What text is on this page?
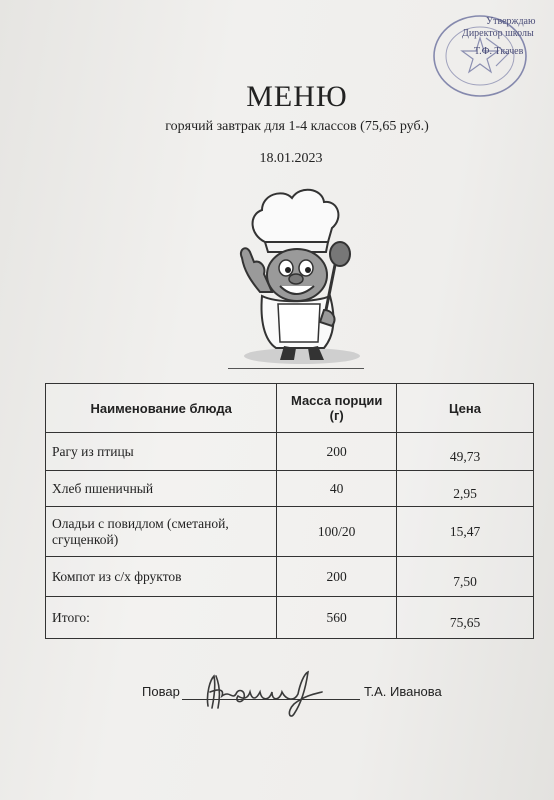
Утверждаю
Директор школы
Т.Ф. Ткачев
МЕНЮ
горячий завтрак для 1-4 классов (75,65 руб.)
18.01.2023
Наименование блюда	Масса порции (г)	Цена
Рагу из птицы	200	49,73

Хлеб пшеничный	40	2,95

Оладьи с повидлом (сметаной, сгущенкой)	100/20	15,47
Компот из с/х фруктов	200	7,50

Итого:	560	75,65
Повар	Т.А. Иванова
